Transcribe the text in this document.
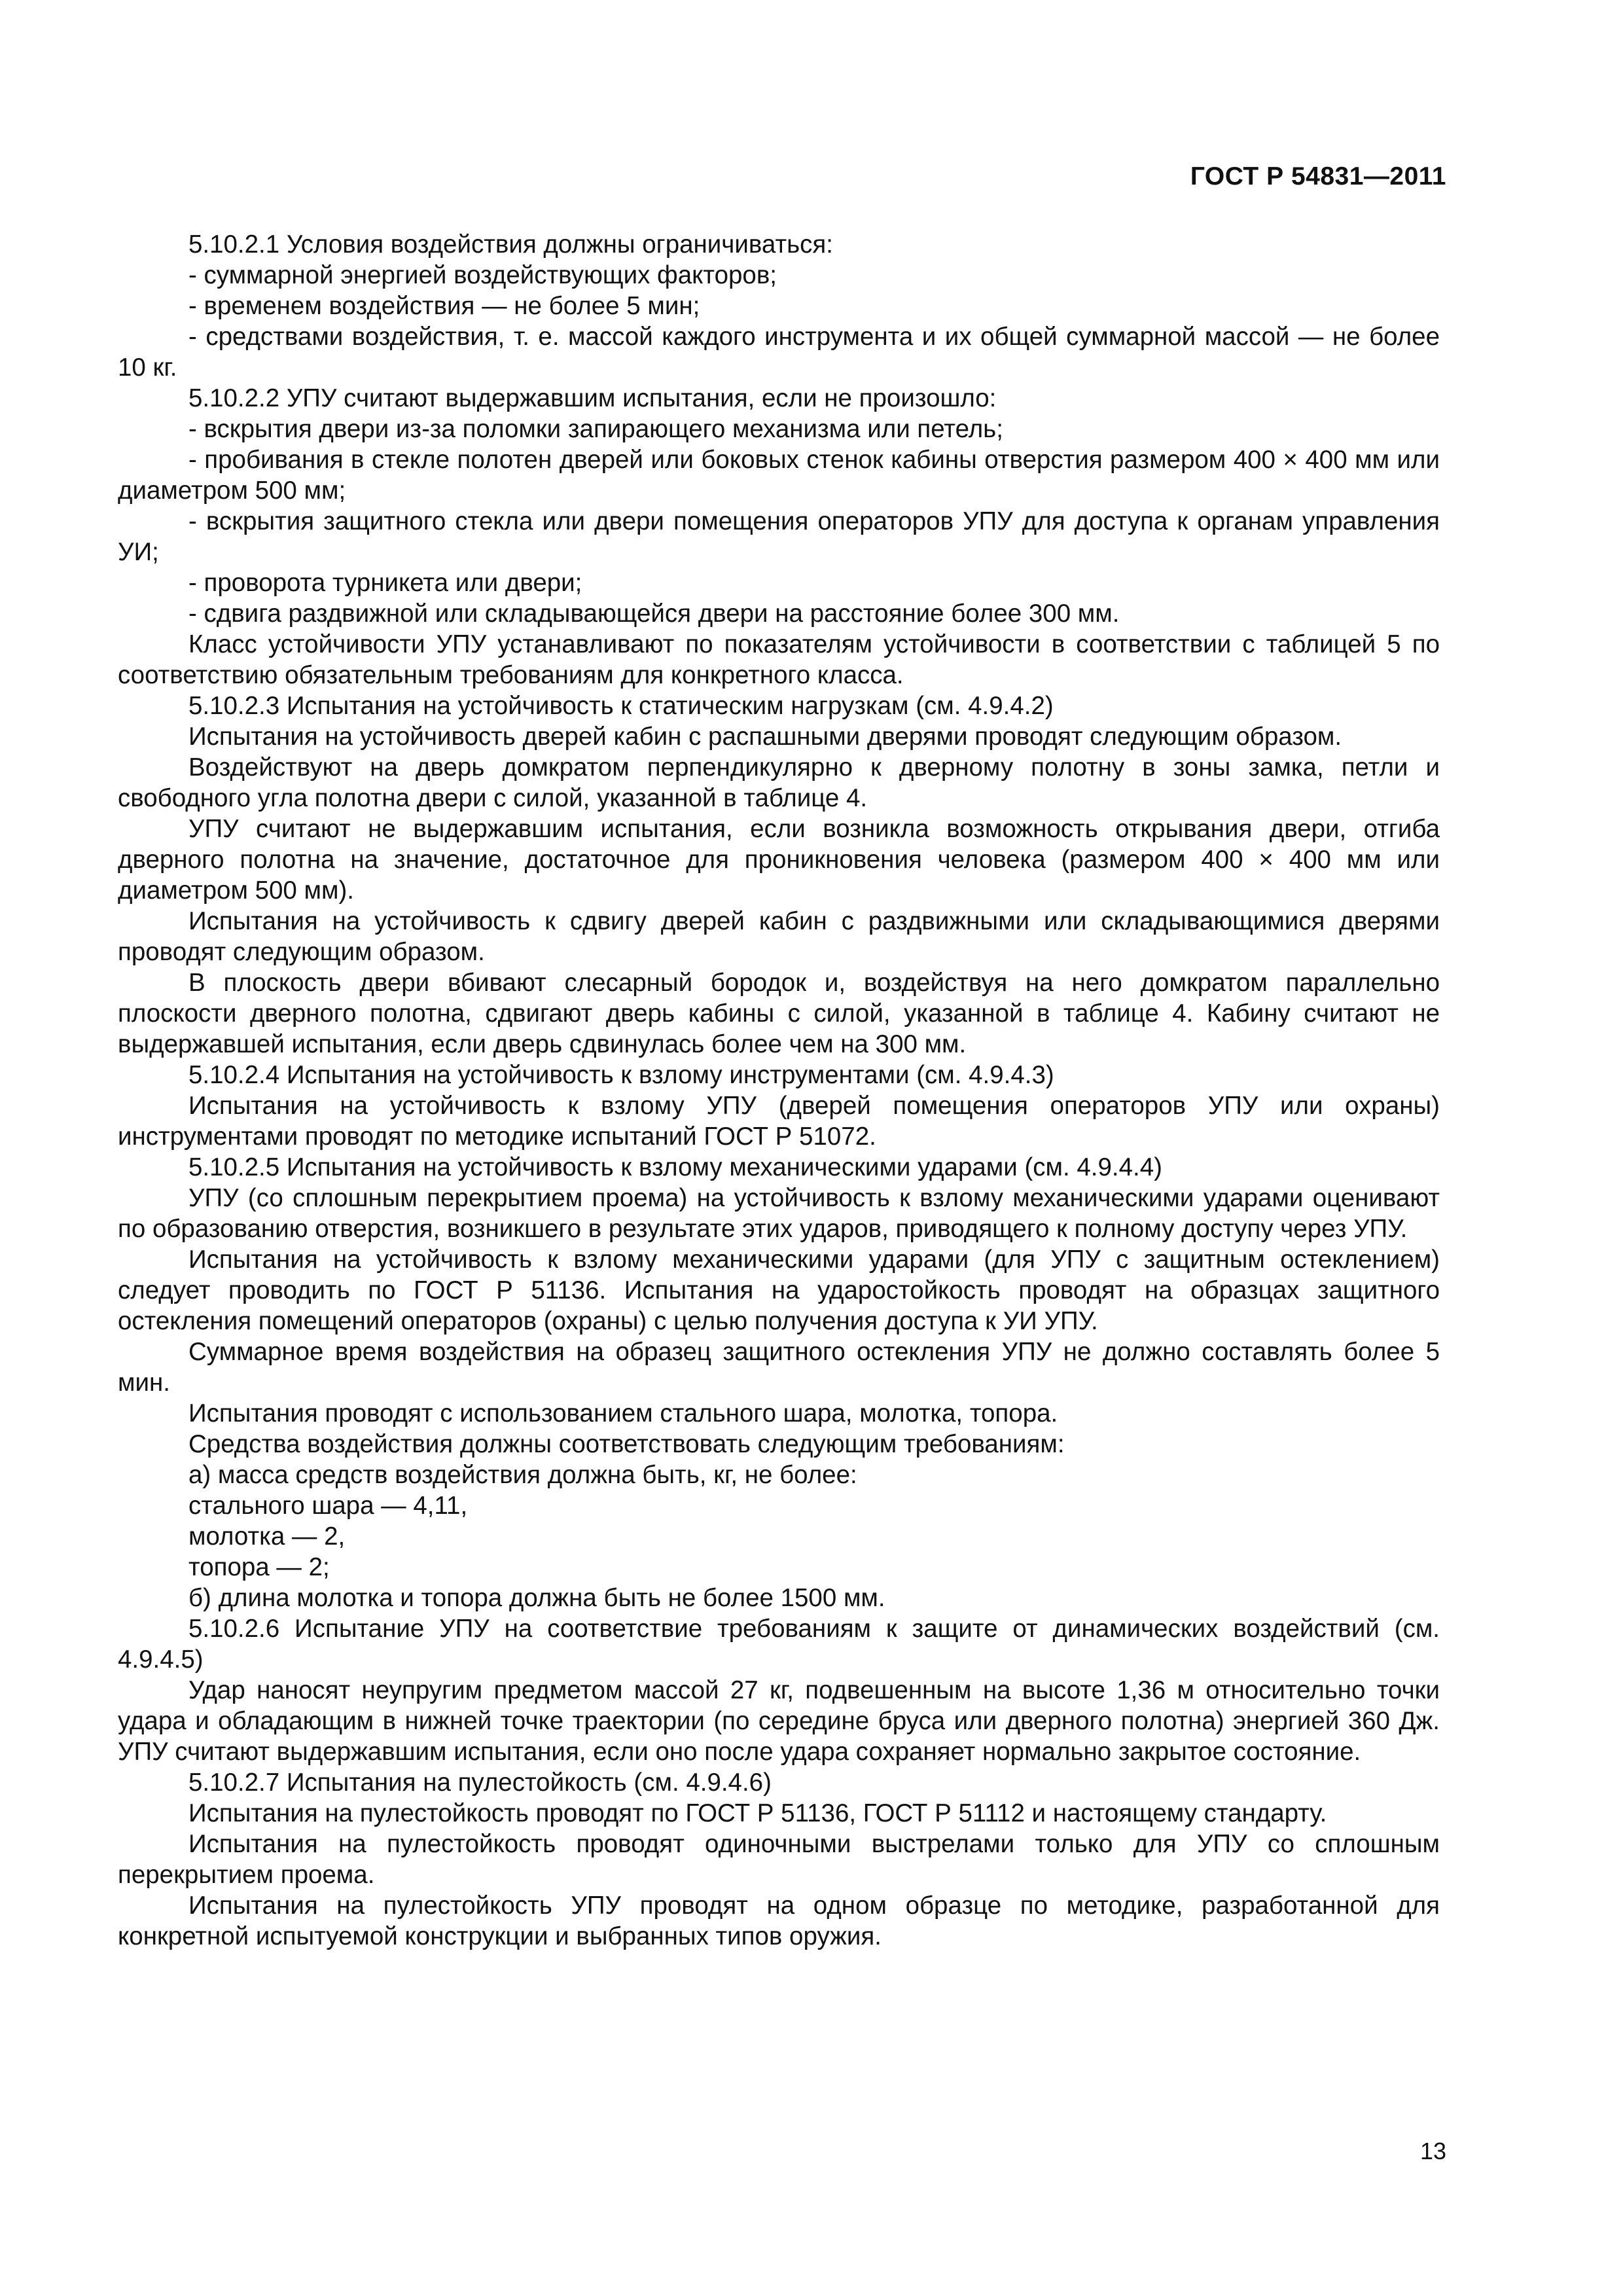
ГОСТ Р 54831—2011

5.10.2.1 Условия воздействия должны ограничиваться:

- суммарной энергией воздействующих факторов;

- временем воздействия — не более 5 мин;

- средствами воздействия, т. е. массой каждого инструмента и их общей суммарной массой — не более 10 кг.

5.10.2.2 УПУ считают выдержавшим испытания, если не произошло:

- вскрытия двери из-за поломки запирающего механизма или петель;

- пробивания в стекле полотен дверей или боковых стенок кабины отверстия размером 400 × 400 мм или диаметром 500 мм;

- вскрытия защитного стекла или двери помещения операторов УПУ для доступа к органам управления УИ;

- проворота турникета или двери;

- сдвига раздвижной или складывающейся двери на расстояние более 300 мм.

Класс устойчивости УПУ устанавливают по показателям устойчивости в соответствии с таблицей 5 по соответствию обязательным требованиям для конкретного класса.

5.10.2.3 Испытания на устойчивость к статическим нагрузкам (см. 4.9.4.2)

Испытания на устойчивость дверей кабин с распашными дверями проводят следующим образом.

Воздействуют на дверь домкратом перпендикулярно к дверному полотну в зоны замка, петли и свободного угла полотна двери с силой, указанной в таблице 4.

УПУ считают не выдержавшим испытания, если возникла возможность открывания двери, отгиба дверного полотна на значение, достаточное для проникновения человека (размером 400 × 400 мм или диаметром 500 мм).

Испытания на устойчивость к сдвигу дверей кабин с раздвижными или складывающимися дверями проводят следующим образом.

В плоскость двери вбивают слесарный бородок и, воздействуя на него домкратом параллельно плоскости дверного полотна, сдвигают дверь кабины с силой, указанной в таблице 4. Кабину считают не выдержавшей испытания, если дверь сдвинулась более чем на 300 мм.

5.10.2.4 Испытания на устойчивость к взлому инструментами (см. 4.9.4.3)

Испытания на устойчивость к взлому УПУ (дверей помещения операторов УПУ или охраны) инструментами проводят по методике испытаний ГОСТ Р 51072.

5.10.2.5 Испытания на устойчивость к взлому механическими ударами (см. 4.9.4.4)

УПУ (со сплошным перекрытием проема) на устойчивость к взлому механическими ударами оценивают по образованию отверстия, возникшего в результате этих ударов, приводящего к полному доступу через УПУ.

Испытания на устойчивость к взлому механическими ударами (для УПУ с защитным остеклением) следует проводить по ГОСТ Р 51136. Испытания на ударостойкость проводят на образцах защитного остекления помещений операторов (охраны) с целью получения доступа к УИ УПУ.

Суммарное время воздействия на образец защитного остекления УПУ не должно составлять более 5 мин.

Испытания проводят с использованием стального шара, молотка, топора.

Средства воздействия должны соответствовать следующим требованиям:

а) масса средств воздействия должна быть, кг, не более:

стального шара — 4,11,

молотка — 2,

топора — 2;

б) длина молотка и топора должна быть не более 1500 мм.

5.10.2.6 Испытание УПУ на соответствие требованиям к защите от динамических воздействий (см. 4.9.4.5)

Удар наносят неупругим предметом массой 27 кг, подвешенным на высоте 1,36 м относительно точки удара и обладающим в нижней точке траектории (по середине бруса или дверного полотна) энергией 360 Дж. УПУ считают выдержавшим испытания, если оно после удара сохраняет нормально закрытое состояние.

5.10.2.7 Испытания на пулестойкость (см. 4.9.4.6)

Испытания на пулестойкость проводят по ГОСТ Р 51136, ГОСТ Р 51112 и настоящему стандарту.

Испытания на пулестойкость проводят одиночными выстрелами только для УПУ со сплошным перекрытием проема.

Испытания на пулестойкость УПУ проводят на одном образце по методике, разработанной для конкретной испытуемой конструкции и выбранных типов оружия.

13
